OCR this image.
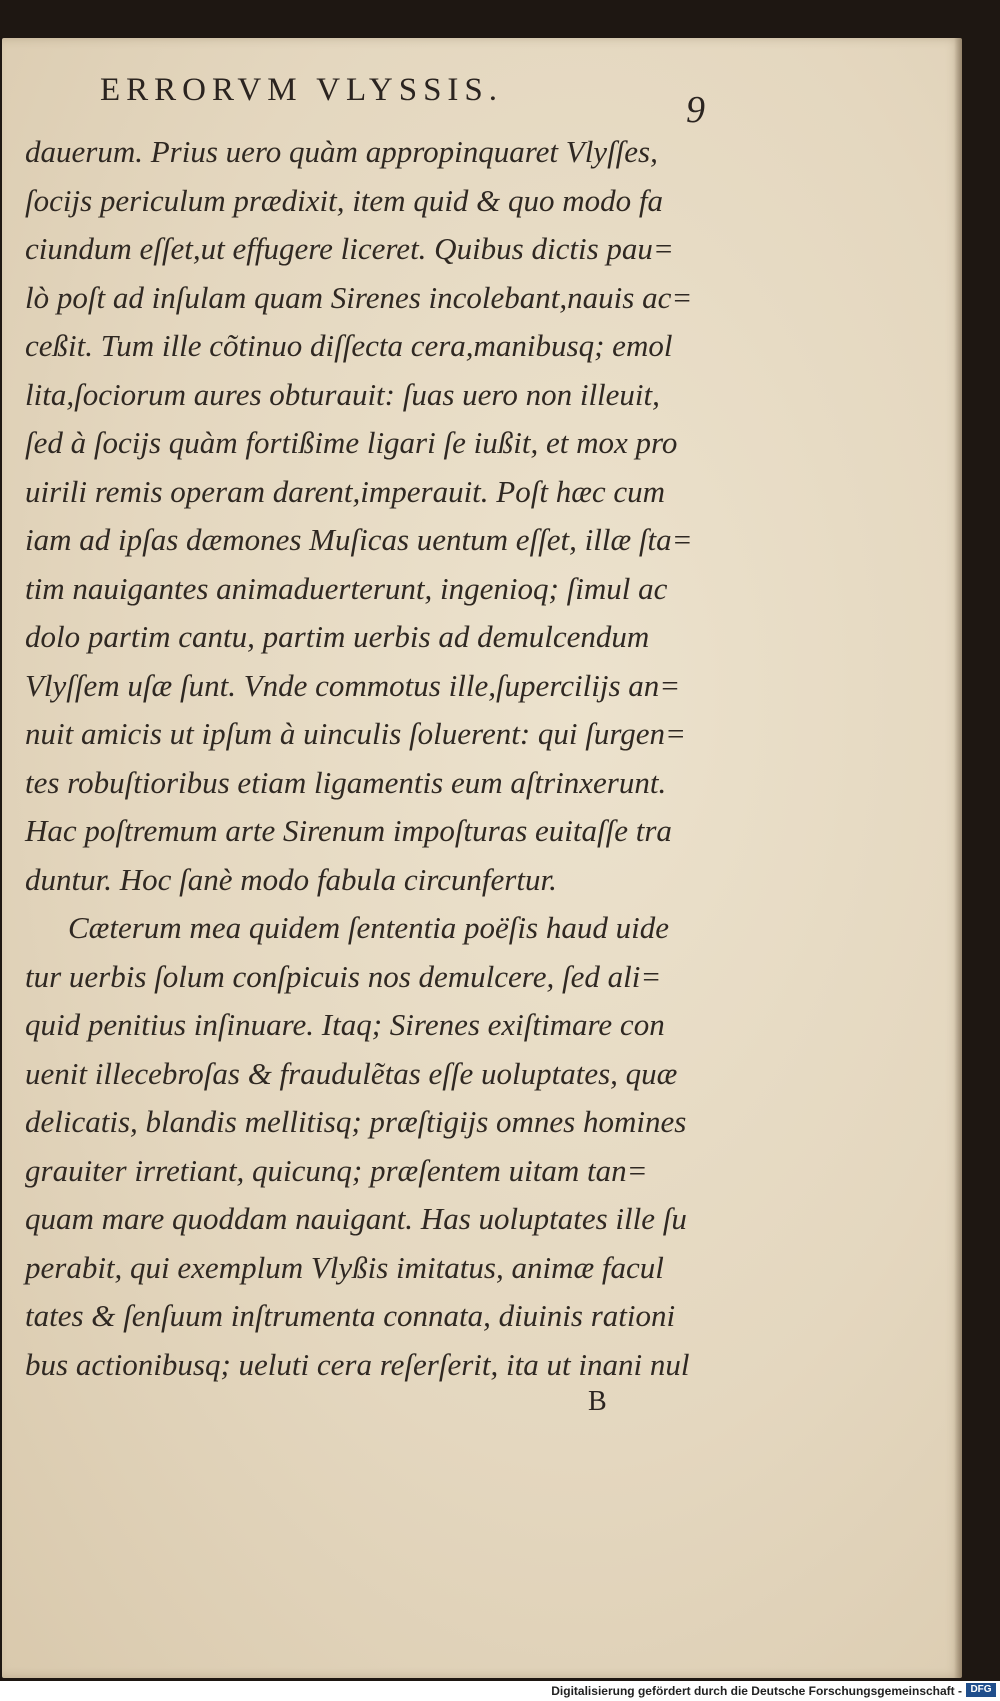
ERRORVM VLYSSIS.	9
dauerum. Prius uero quàm appropinquaret Vlyſſes,
ſocijs periculum prædixit, item quid & quo modo fa
ciundum eſſet,ut effugere liceret. Quibus dictis pau=
lò poſt ad inſulam quam Sirenes incolebant,nauis ac=
ceßit. Tum ille cõtinuo diſſecta cera,manibusq; emol
lita,ſociorum aures obturauit: ſuas uero non illeuit,
ſed à ſocijs quàm fortißime ligari ſe iußit, et mox pro
uirili remis operam darent,imperauit. Poſt hæc cum
iam ad ipſas dæmones Muſicas uentum eſſet, illæ ſta=
tim nauigantes animaduerterunt, ingenioq; ſimul ac
dolo partim cantu, partim uerbis ad demulcendum
Vlyſſem uſæ ſunt. Vnde commotus ille,ſupercilijs an=
nuit amicis ut ipſum à uinculis ſoluerent: qui ſurgen=
tes robuſtioribus etiam ligamentis eum aſtrinxerunt.
Hac poſtremum arte Sirenum impoſturas euitaſſe tra
duntur. Hoc ſanè modo fabula circunfertur.
Cæterum mea quidem ſententia poëſis haud uide
tur uerbis ſolum conſpicuis nos demulcere, ſed ali=
quid penitius inſinuare. Itaq; Sirenes exiſtimare con
uenit illecebroſas & fraudulẽtas eſſe uoluptates, quæ
delicatis, blandis mellitisq; præſtigijs omnes homines
grauiter irretiant, quicunq; præſentem uitam tan=
quam mare quoddam nauigant. Has uoluptates ille ſu
perabit, qui exemplum Vlyßis imitatus, animæ facul
tates & ſenſuum inſtrumenta connata, diuinis rationi
bus actionibusq; ueluti cera reſerſerit, ita ut inani nul
B
Digitalisierung gefördert durch die Deutsche Forschungsgemeinschaft - DFG
